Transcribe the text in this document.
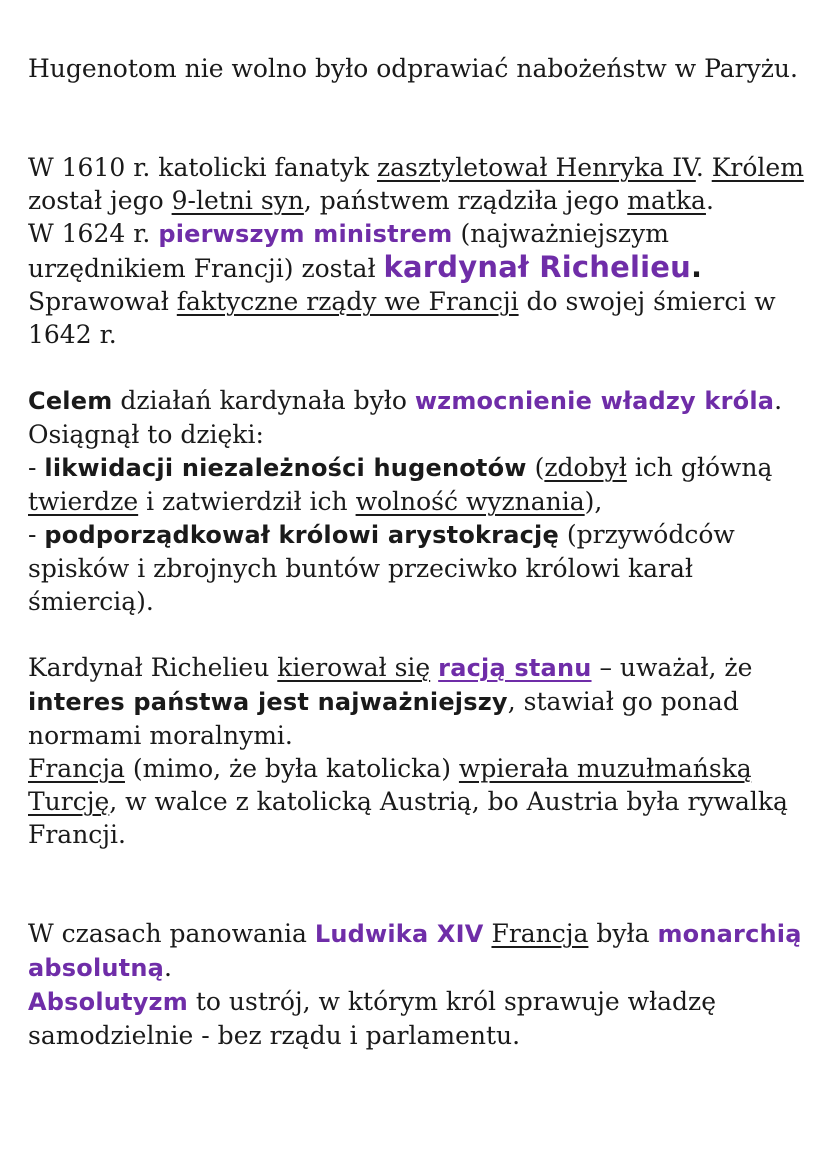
Hugenotom nie wolno było odprawiać nabożeństw w Paryżu.

W 1610 r. katolicki fanatyk zasztyletował Henryka IV. Królem został jego 9-letni syn, państwem rządziła jego matka.

W 1624 r. pierwszym ministrem (najważniejszym urzędnikiem Francji) został kardynał Richelieu.
Sprawował faktyczne rządy we Francji do swojej śmierci w 1642 r.

Celem działań kardynała było wzmocnienie władzy króla. Osiągnął to dzięki:
- likwidacji niezależności hugenotów (zdobył ich główną twierdze i zatwierdził ich wolność wyznania),
- podporządkował królowi arystokrację (przywódców spisków i zbrojnych buntów przeciwko królowi karał śmiercią).

Kardynał Richelieu kierował się racją stanu – uważał, że interes państwa jest najważniejszy, stawiał go ponad normami moralnymi.
Francja (mimo, że była katolicka) wpierała muzułmańską Turcję, w walce z katolicką Austrią, bo Austria była rywalką Francji.

W czasach panowania Ludwika XIV Francja była monarchią absolutną.
Absolutyzm to ustrój, w którym król sprawuje władzę samodzielnie - bez rządu i parlamentu.
